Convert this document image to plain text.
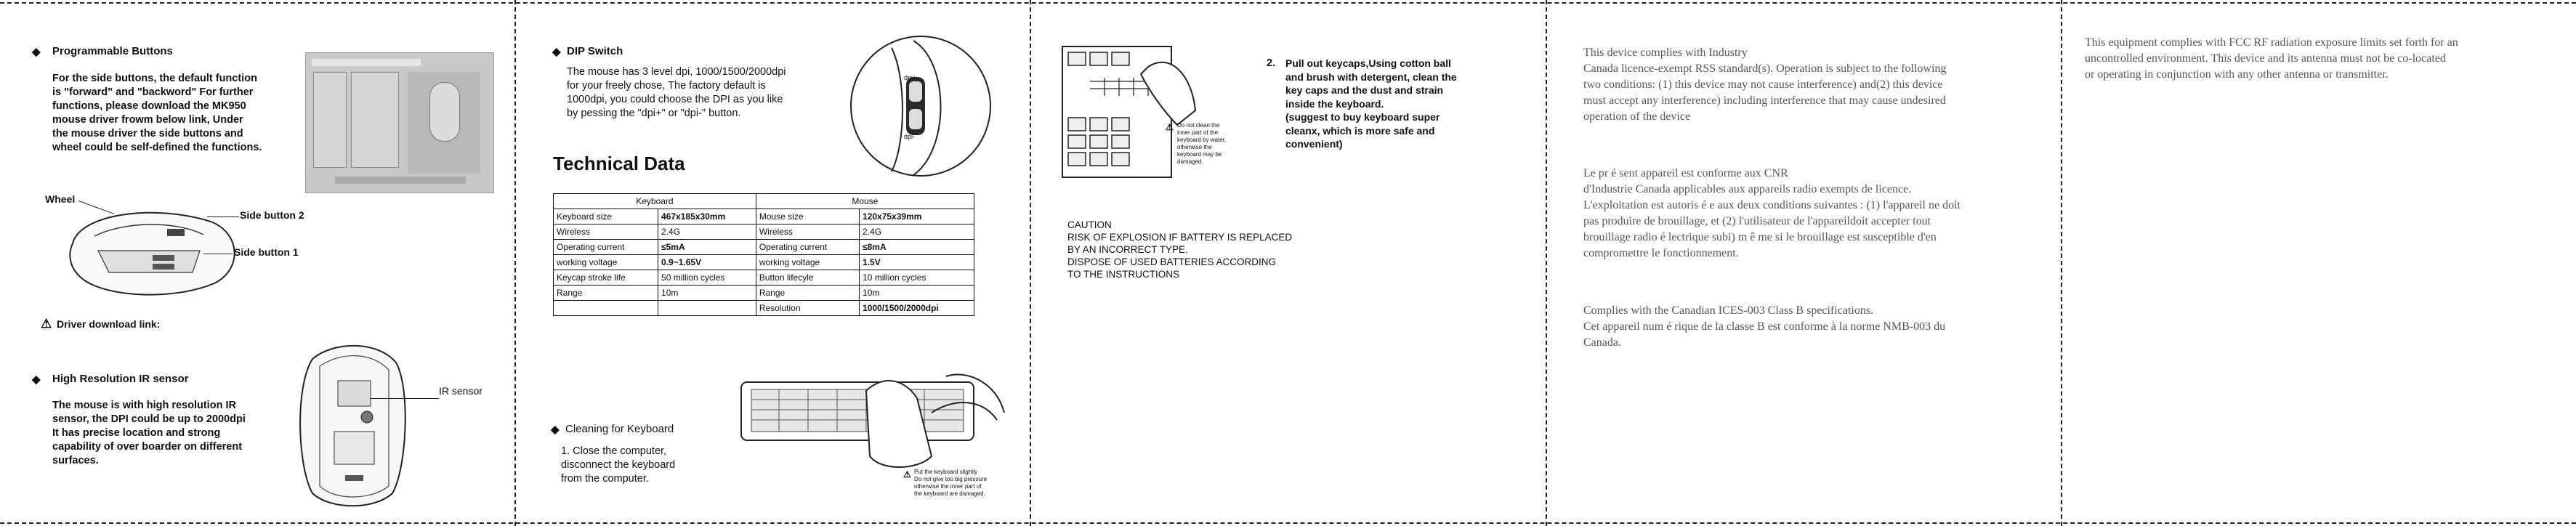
◆ Programmable Buttons
For the side buttons, the default function
is "forward" and "backword" For further
functions, please download the MK950
mouse driver frowm below link, Under
the mouse driver the side buttons and
wheel could be self-defined the functions.
Wheel
Side button 2
Side button 1
⚠ Driver download link:
◆ High Resolution IR sensor
The mouse is with high resolution IR
sensor, the DPI could be up to 2000dpi
It has precise location and strong
capability of over boarder on different
surfaces.
IR sensor
◆ DIP Switch
The mouse has 3 level dpi, 1000/1500/2000dpi
for your freely chose, The factory default is
1000dpi, you could choose the DPI as you like
by pessing the "dpi+" or "dpi-" button.
dpi+
dpi-
Technical Data
Keyboard		Mouse	
Keyboard size	467x185x30mm	Mouse size	120x75x39mm
Wireless	2.4G	Wireless	2.4G
Operating current	≤5mA	Operating current	≤8mA
working voltage	0.9~1.65V	working voltage	1.5V
Keycap stroke life	50 million cycles	Button lifecyle	10 million cycles
Range	10m	Range	10m
		Resolution	1000/1500/2000dpi
◆ Cleaning for Keyboard
1. Close the computer,
disconnect the keyboard
from the computer.	⚠ Put the keyboard slightly
Do not give too big pressure
otherwise the inner part of
the keyboard are damaged.
⚠ Do not clean the
inner part of the
keyboard by water,
otherwise the
keyboard may be
damaged.
2. Pull out keycaps,Using cotton ball
and brush with detergent, clean the
key caps and the dust and strain
inside the keyboard.
(suggest to buy keyboard super
cleanx, which is more safe and
convenient)
CAUTION
RISK OF EXPLOSION IF BATTERY IS REPLACED
BY AN INCORRECT TYPE.
DISPOSE OF USED BATTERIES ACCORDING
TO THE INSTRUCTIONS
This device complies with Industry
Canada licence-exempt RSS standard(s). Operation is subject to the following
two conditions: (1) this device may not cause interference) and(2) this device
must accept any interference) including interference that may cause undesired
operation of the device
Le pr é sent appareil est conforme aux CNR
d'Industrie Canada applicables aux appareils radio exempts de licence.
L'exploitation est autoris é e aux deux conditions suivantes : (1) l'appareil ne doit
pas produire de brouillage, et (2) l'utilisateur de l'appareildoit accepter tout
brouillage radio é lectrique subi) m ê me si le brouillage est susceptible d'en
compromettre le fonctionnement.
Complies with the Canadian ICES-003 Class B specifications.
Cet appareil num é rique de la classe B est conforme à la norme NMB-003 du
Canada.
This equipment complies with FCC RF radiation exposure limits set forth for an
uncontrolled environment. This device and its antenna must not be co-located
or operating in conjunction with any other antenna or transmitter.
